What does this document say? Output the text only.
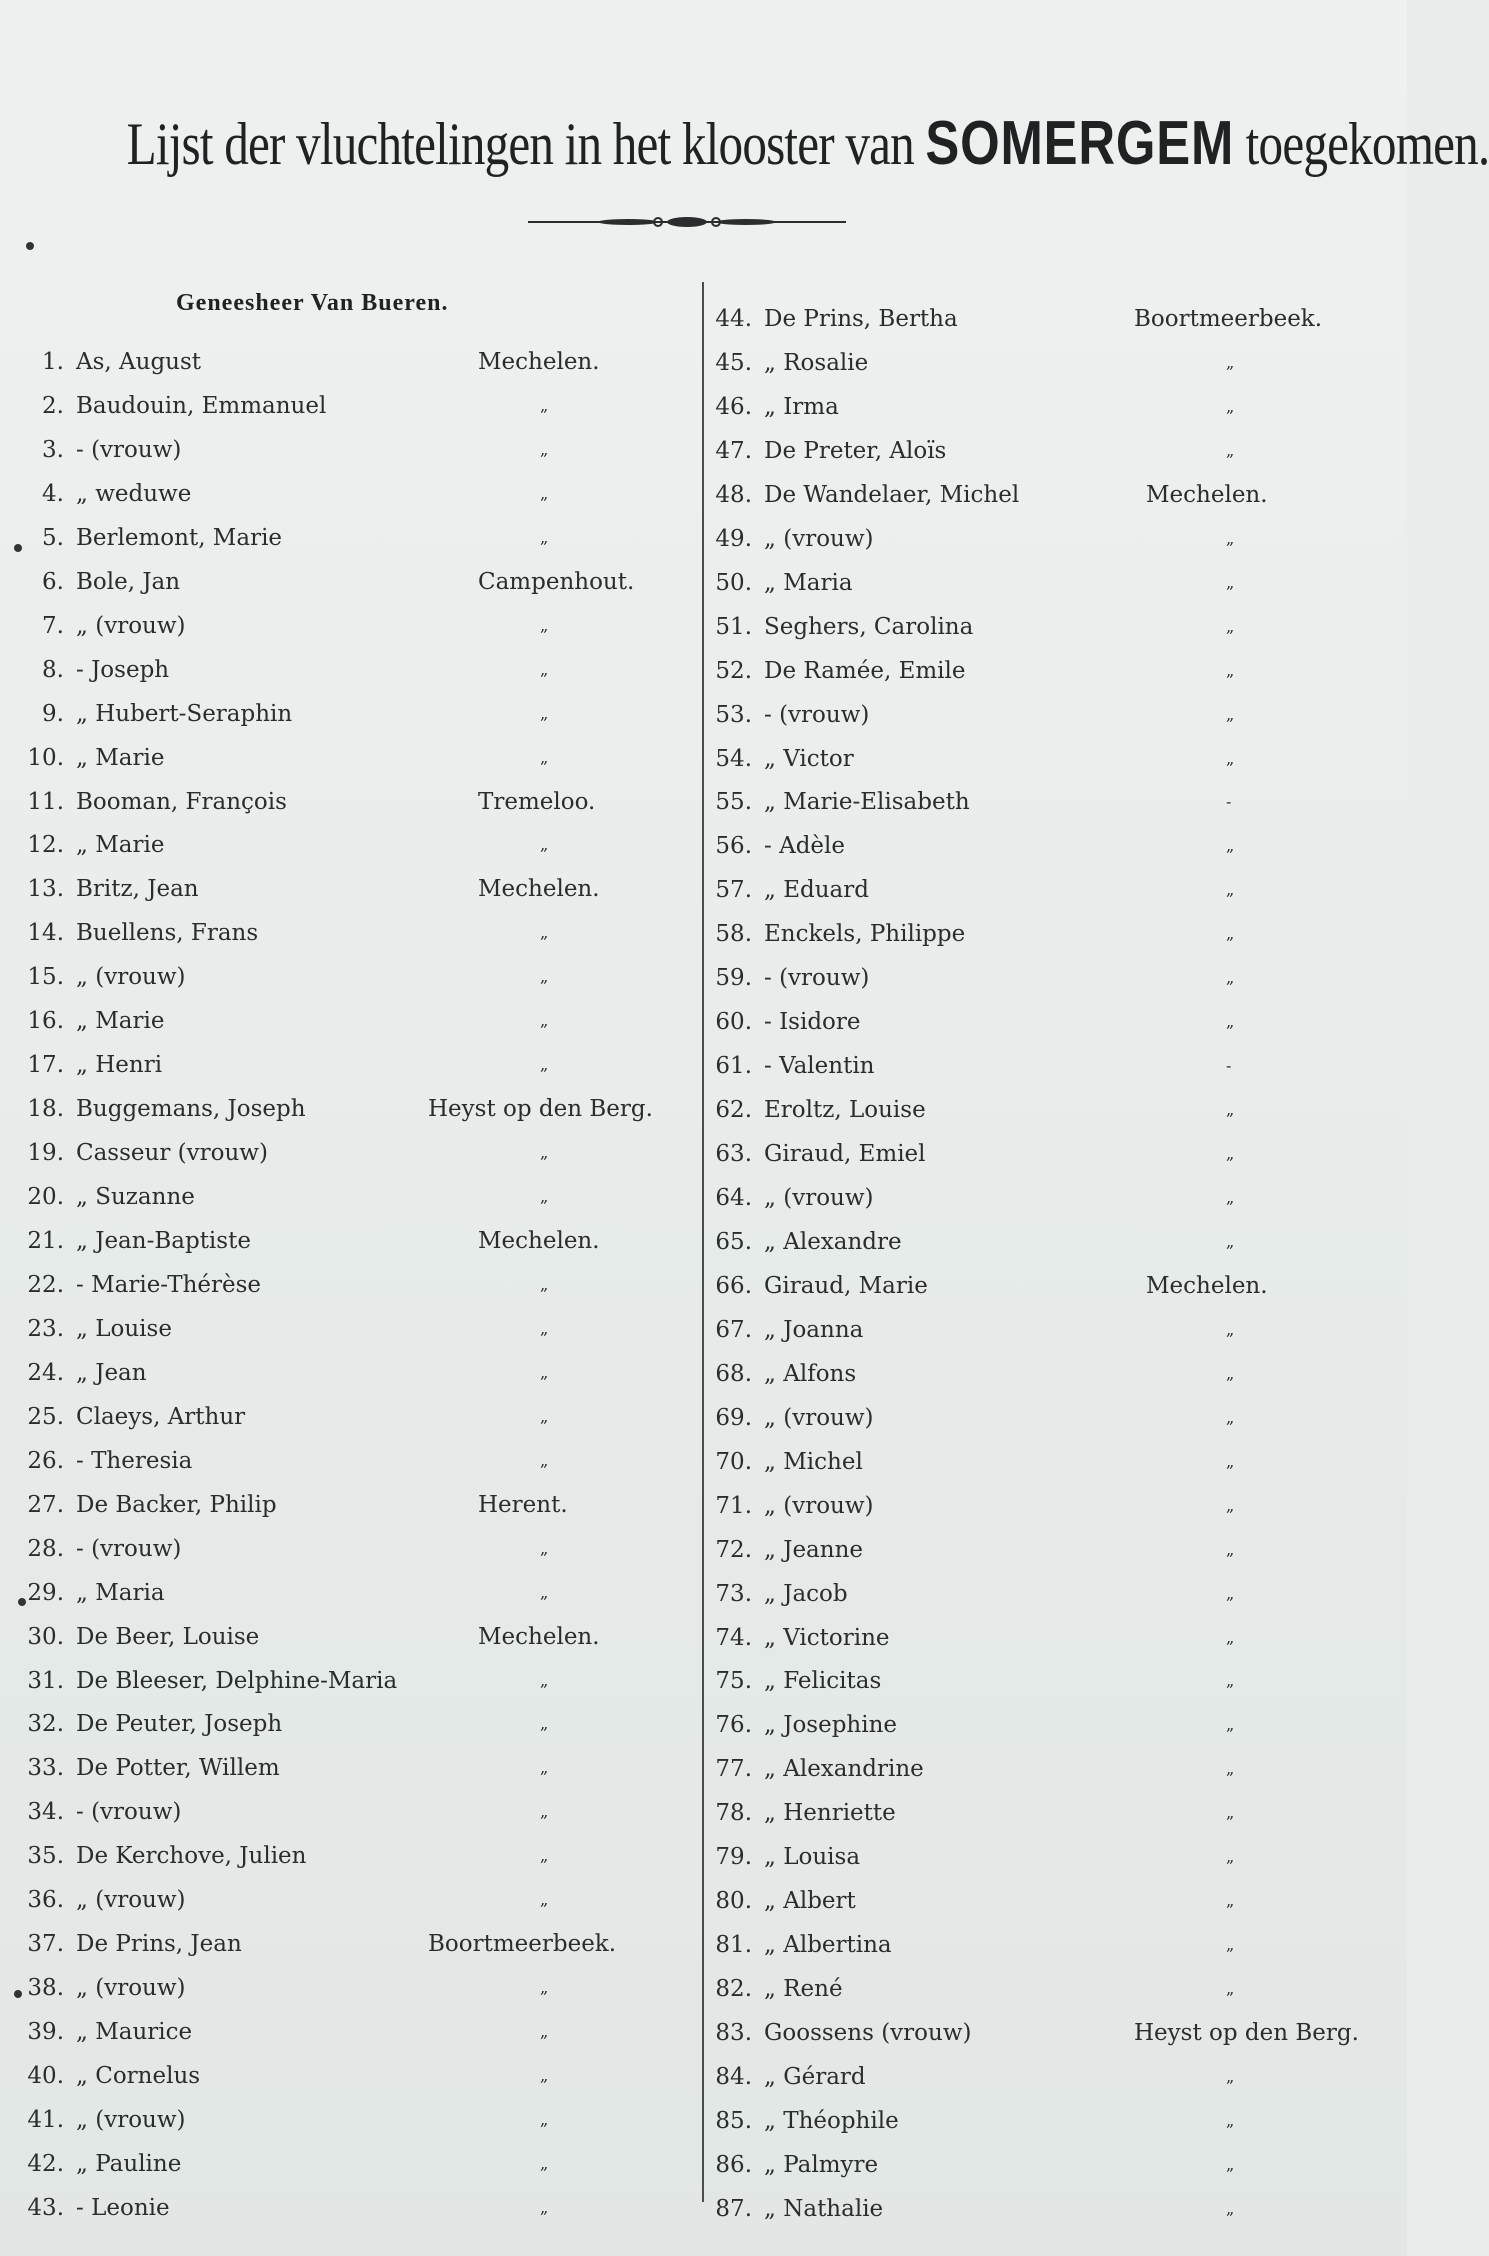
Lijst der vluchtelingen in het klooster van SOMERGEM toegekomen.
Geneesheer Van Bueren.
1. As, August	Mechelen.
2. Baudouin, Emmanuel	„
3. - (vrouw)	„
4. „ weduwe	„
5. Berlemont, Marie	„
6. Bole, Jan	Campenhout.
7. „ (vrouw)	„
8. - Joseph	„
9. „ Hubert-Seraphin	„
10. „ Marie	„
11. Booman, François	Tremeloo.
12. „ Marie	„
13. Britz, Jean	Mechelen.
14. Buellens, Frans	„
15. „ (vrouw)	„
16. „ Marie	„
17. „ Henri	„
18. Buggemans, Joseph	Heyst op den Berg.
19. Casseur (vrouw)	„
20. „ Suzanne	„
21. „ Jean-Baptiste	Mechelen.
22. - Marie-Thérèse	„
23. „ Louise	„
24. „ Jean	„
25. Claeys, Arthur	„
26. - Theresia	„
27. De Backer, Philip	Herent.
28. - (vrouw)	„
29. „ Maria	„
30. De Beer, Louise	Mechelen.
31. De Bleeser, Delphine-Maria	„
32. De Peuter, Joseph	„
33. De Potter, Willem	„
34. - (vrouw)	„
35. De Kerchove, Julien	„
36. „ (vrouw)	„
37. De Prins, Jean	Boortmeerbeek.
38. „ (vrouw)	„
39. „ Maurice	„
40. „ Cornelus	„
41. „ (vrouw)	„
42. „ Pauline	„
43. - Leonie	„
44. De Prins, Bertha	Boortmeerbeek.
45. „ Rosalie	„
46. „ Irma	„
47. De Preter, Aloïs	„
48. De Wandelaer, Michel	Mechelen.
49. „ (vrouw)	„
50. „ Maria	„
51. Seghers, Carolina	„
52. De Ramée, Emile	„
53. - (vrouw)	„
54. „ Victor	„
55. „ Marie-Elisabeth	-
56. - Adèle	„
57. „ Eduard	„
58. Enckels, Philippe	„
59. - (vrouw)	„
60. - Isidore	„
61. - Valentin	-
62. Eroltz, Louise	„
63. Giraud, Emiel	„
64. „ (vrouw)	„
65. „ Alexandre	„
66. Giraud, Marie	Mechelen.
67. „ Joanna	„
68. „ Alfons	„
69. „ (vrouw)	„
70. „ Michel	„
71. „ (vrouw)	„
72. „ Jeanne	„
73. „ Jacob	„
74. „ Victorine	„
75. „ Felicitas	„
76. „ Josephine	„
77. „ Alexandrine	„
78. „ Henriette	„
79. „ Louisa	„
80. „ Albert	„
81. „ Albertina	„
82. „ René	„
83. Goossens (vrouw)	Heyst op den Berg.
84. „ Gérard	„
85. „ Théophile	„
86. „ Palmyre	„
87. „ Nathalie	„
